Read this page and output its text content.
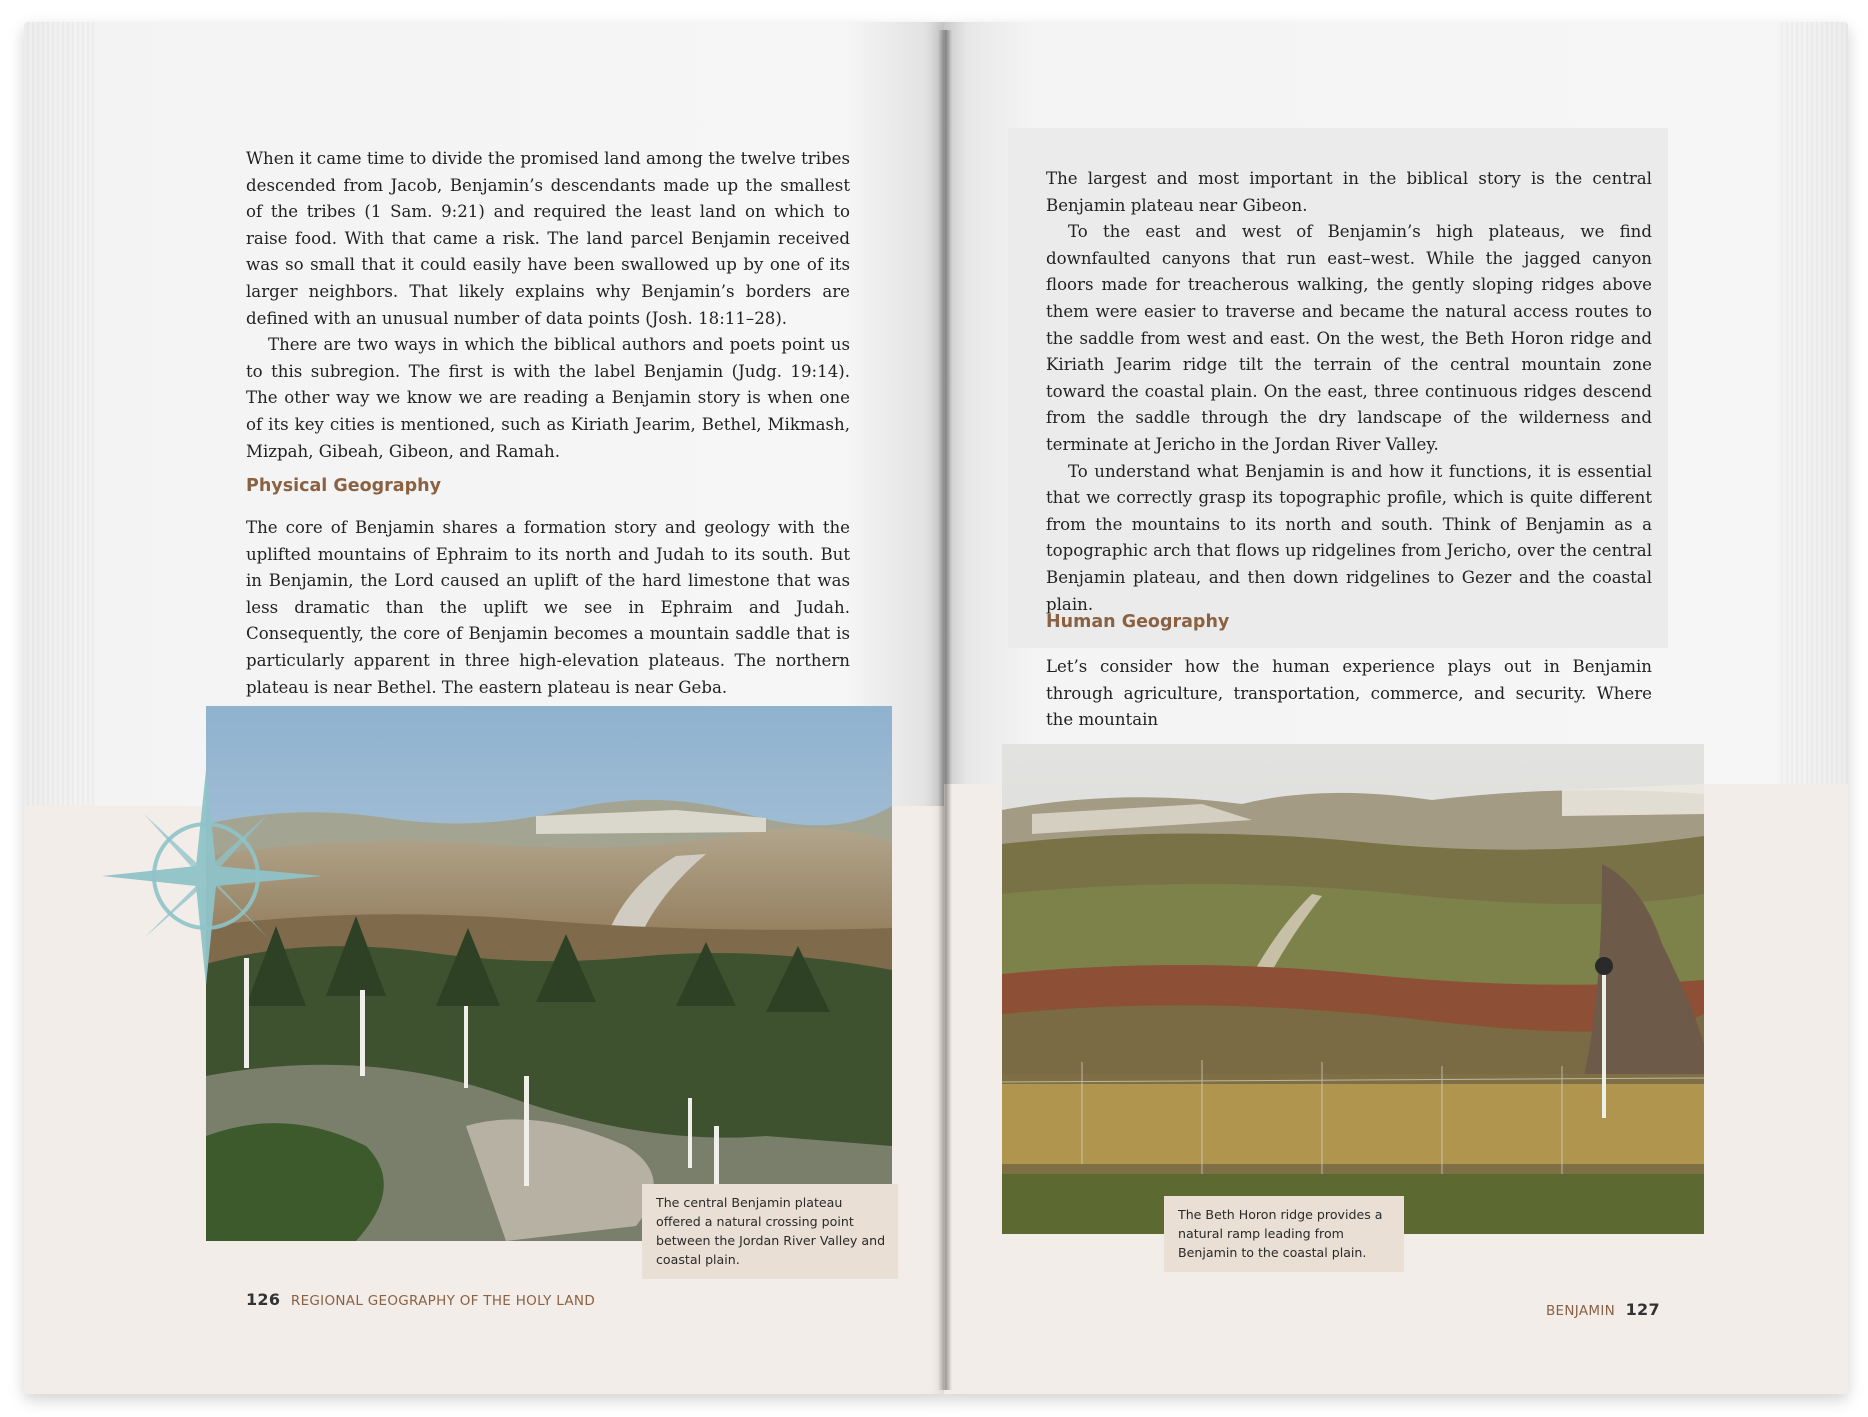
When it came time to divide the promised land among the twelve tribes descended from Jacob, Benjamin’s descendants made up the smallest of the tribes (1 Sam. 9:21) and required the least land on which to raise food. With that came a risk. The land parcel Benjamin received was so small that it could easily have been swallowed up by one of its larger neighbors. That likely explains why Benjamin’s borders are defined with an unusual number of data points (Josh. 18:11–28).

There are two ways in which the biblical authors and poets point us to this subregion. The first is with the label Benjamin (Judg. 19:14). The other way we know we are reading a Benjamin story is when one of its key cities is mentioned, such as Kiriath Jearim, Bethel, Mikmash, Mizpah, Gibeah, Gibeon, and Ramah.

Physical Geography

The core of Benjamin shares a formation story and geology with the uplifted mountains of Ephraim to its north and Judah to its south. But in Benjamin, the Lord caused an uplift of the hard limestone that was less dramatic than the uplift we see in Ephraim and Judah. Consequently, the core of Benjamin becomes a mountain saddle that is particularly apparent in three high-elevation plateaus. The northern plateau is near Bethel. The eastern plateau is near Geba.

The central Benjamin plateau offered a natural crossing point between the Jordan River Valley and coastal plain.
126 REGIONAL GEOGRAPHY OF THE HOLY LAND

The largest and most important in the biblical story is the central Benjamin plateau near Gibeon.

To the east and west of Benjamin’s high plateaus, we find downfaulted canyons that run east–west. While the jagged canyon floors made for treacherous walking, the gently sloping ridges above them were easier to traverse and became the natural access routes to the saddle from west and east. On the west, the Beth Horon ridge and Kiriath Jearim ridge tilt the terrain of the central mountain zone toward the coastal plain. On the east, three continuous ridges descend from the saddle through the dry landscape of the wilderness and terminate at Jericho in the Jordan River Valley.

To understand what Benjamin is and how it functions, it is essential that we correctly grasp its topographic profile, which is quite different from the mountains to its north and south. Think of Benjamin as a topographic arch that flows up ridgelines from Jericho, over the central Benjamin plateau, and then down ridgelines to Gezer and the coastal plain.

Human Geography

Let’s consider how the human experience plays out in Benjamin through agriculture, transportation, commerce, and security. Where the mountain

The Beth Horon ridge provides a natural ramp leading from Benjamin to the coastal plain.
BENJAMIN 127
